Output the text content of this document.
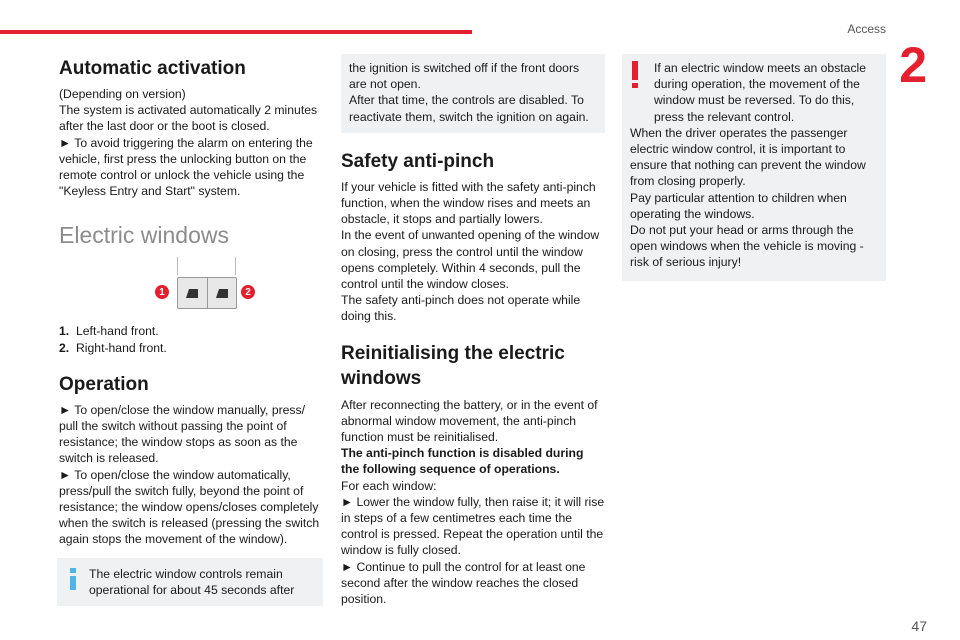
Access
2
47
Automatic activation

(Depending on version)

The system is activated automatically 2 minutes after the last door or the boot is closed.

► To avoid triggering the alarm on entering the vehicle, first press the unlocking button on the remote control or unlock the vehicle using the "Keyless Entry and Start" system.

Electric windows
1	2

1. Left-hand front.

2. Right-hand front.

Operation

► To open/close the window manually, press/ pull the switch without passing the point of resistance; the window stops as soon as the switch is released.

► To open/close the window automatically, press/pull the switch fully, beyond the point of resistance; the window opens/closes completely when the switch is released (pressing the switch again stops the movement of the window).

The electric window controls remain operational for about 45 seconds after

the ignition is switched off if the front doors are not open.

After that time, the controls are disabled. To reactivate them, switch the ignition on again.

Safety anti-pinch

If your vehicle is fitted with the safety anti-pinch function, when the window rises and meets an obstacle, it stops and partially lowers.

In the event of unwanted opening of the window on closing, press the control until the window opens completely. Within 4 seconds, pull the control until the window closes.

The safety anti-pinch does not operate while doing this.

Reinitialising the electric windows

After reconnecting the battery, or in the event of abnormal window movement, the anti-pinch function must be reinitialised.

The anti-pinch function is disabled during the following sequence of operations.

For each window:

► Lower the window fully, then raise it; it will rise in steps of a few centimetres each time the control is pressed. Repeat the operation until the window is fully closed.

► Continue to pull the control for at least one second after the window reaches the closed position.

If an electric window meets an obstacle during operation, the movement of the window must be reversed. To do this, press the relevant control.

When the driver operates the passenger electric window control, it is important to ensure that nothing can prevent the window from closing properly.

Pay particular attention to children when operating the windows.

Do not put your head or arms through the open windows when the vehicle is moving - risk of serious injury!
